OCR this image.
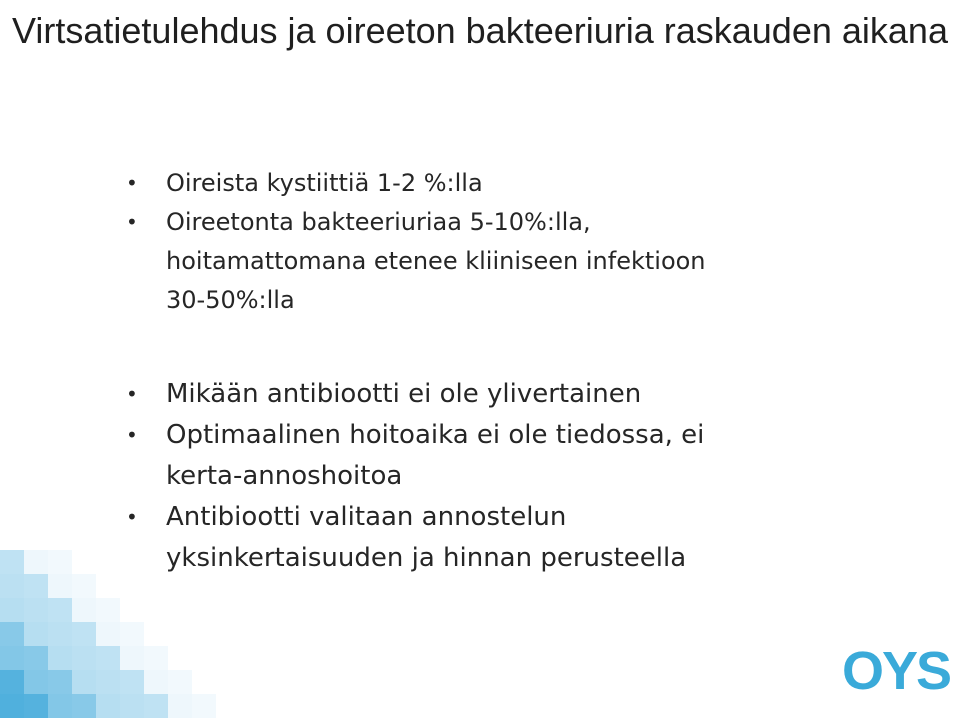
Virtsatietulehdus ja oireeton bakteeriuria raskauden aikana
• Oireista kystiittiä 1-2 %:lla
• Oireetonta bakteeriuriaa 5-10%:lla,
hoitamattomana etenee kliiniseen infektioon
30-50%:lla
• Mikään antibiootti ei ole ylivertainen
• Optimaalinen hoitoaika ei ole tiedossa, ei
kerta-annoshoitoa
• Antibiootti valitaan annostelun
yksinkertaisuuden ja hinnan perusteella
OYS
